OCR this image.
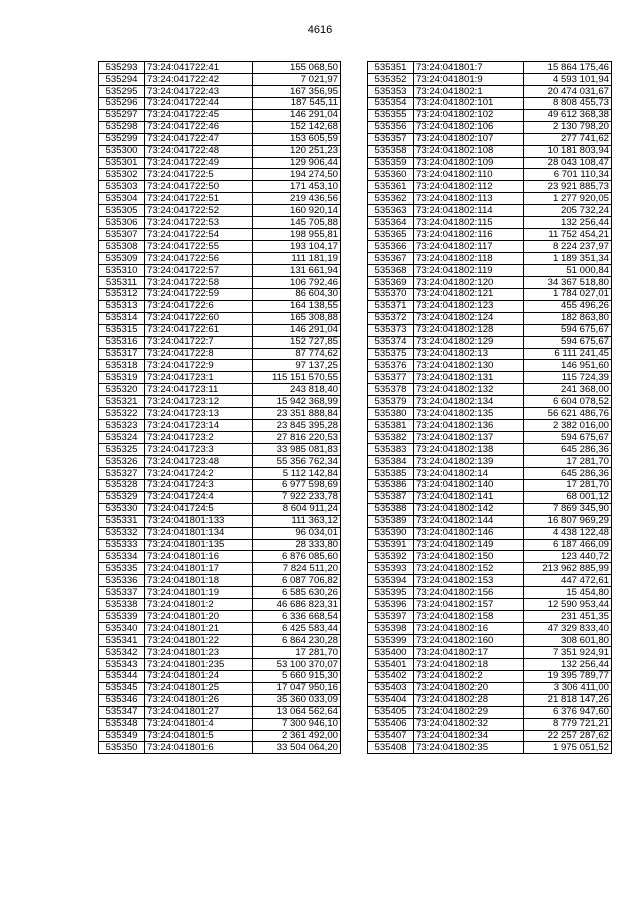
4616
535293	73:24:041722:41	155 068,50
535294	73:24:041722:42	7 021,97
535295	73:24:041722:43	167 356,95
535296	73:24:041722:44	187 545,11
535297	73:24:041722:45	146 291,04
535298	73:24:041722:46	152 142,68
535299	73:24:041722:47	153 605,59
535300	73:24:041722:48	120 251,23
535301	73:24:041722:49	129 906,44
535302	73:24:041722:5	194 274,50
535303	73:24:041722:50	171 453,10
535304	73:24:041722:51	219 436,56
535305	73:24:041722:52	160 920,14
535306	73:24:041722:53	145 705,88
535307	73:24:041722:54	198 955,81
535308	73:24:041722:55	193 104,17
535309	73:24:041722:56	111 181,19
535310	73:24:041722:57	131 661,94
535311	73:24:041722:58	106 792,46
535312	73:24:041722:59	86 604,30
535313	73:24:041722:6	164 138,55
535314	73:24:041722:60	165 308,88
535315	73:24:041722:61	146 291,04
535316	73:24:041722:7	152 727,85
535317	73:24:041722:8	87 774,62
535318	73:24:041722:9	97 137,25
535319	73:24:041723:1	115 151 570,55
535320	73:24:041723:11	243 818,40
535321	73:24:041723:12	15 942 368,99
535322	73:24:041723:13	23 351 888,84
535323	73:24:041723:14	23 845 395,28
535324	73:24:041723:2	27 816 220,53
535325	73:24:041723:3	33 985 081,83
535326	73:24:041723:48	55 356 762,34
535327	73:24:041724:2	5 112 142,84
535328	73:24:041724:3	6 977 598,69
535329	73:24:041724:4	7 922 233,78
535330	73:24:041724:5	8 604 911,24
535331	73:24:041801:133	111 363,12
535332	73:24:041801:134	96 034,01
535333	73:24:041801:135	28 333,80
535334	73:24:041801:16	6 876 085,60
535335	73:24:041801:17	7 824 511,20
535336	73:24:041801:18	6 087 706,82
535337	73:24:041801:19	6 585 630,26
535338	73:24:041801:2	46 686 823,31
535339	73:24:041801:20	6 336 668,54
535340	73:24:041801:21	6 425 583,44
535341	73:24:041801:22	6 864 230,28
535342	73:24:041801:23	17 281,70
535343	73:24:041801:235	53 100 370,07
535344	73:24:041801:24	5 660 915,30
535345	73:24:041801:25	17 047 950,16
535346	73:24:041801:26	35 360 033,09
535347	73:24:041801:27	13 064 562,64
535348	73:24:041801:4	7 300 946,10
535349	73:24:041801:5	2 361 492,00
535350	73:24:041801:6	33 504 064,20
535351	73:24:041801:7	15 864 175,46
535352	73:24:041801:9	4 593 101,94
535353	73:24:041802:1	20 474 031,67
535354	73:24:041802:101	8 808 455,73
535355	73:24:041802:102	49 612 368,38
535356	73:24:041802:106	2 130 798,20
535357	73:24:041802:107	277 741,62
535358	73:24:041802:108	10 181 803,94
535359	73:24:041802:109	28 043 108,47
535360	73:24:041802:110	6 701 110,34
535361	73:24:041802:112	23 921 885,73
535362	73:24:041802:113	1 277 920,05
535363	73:24:041802:114	205 732,24
535364	73:24:041802:115	132 256,44
535365	73:24:041802:116	11 752 454,21
535366	73:24:041802:117	8 224 237,97
535367	73:24:041802:118	1 189 351,34
535368	73:24:041802:119	51 000,84
535369	73:24:041802:120	34 367 518,80
535370	73:24:041802:121	1 784 027,01
535371	73:24:041802:123	455 496,26
535372	73:24:041802:124	182 863,80
535373	73:24:041802:128	594 675,67
535374	73:24:041802:129	594 675,67
535375	73:24:041802:13	6 111 241,45
535376	73:24:041802:130	146 951,60
535377	73:24:041802:131	115 724,39
535378	73:24:041802:132	241 368,00
535379	73:24:041802:134	6 604 078,52
535380	73:24:041802:135	56 621 486,76
535381	73:24:041802:136	2 382 016,00
535382	73:24:041802:137	594 675,67
535383	73:24:041802:138	645 286,36
535384	73:24:041802:139	17 281,70
535385	73:24:041802:14	645 286,36
535386	73:24:041802:140	17 281,70
535387	73:24:041802:141	68 001,12
535388	73:24:041802:142	7 869 345,90
535389	73:24:041802:144	16 807 969,29
535390	73:24:041802:146	4 438 122,48
535391	73:24:041802:149	6 187 466,09
535392	73:24:041802:150	123 440,72
535393	73:24:041802:152	213 962 885,99
535394	73:24:041802:153	447 472,61
535395	73:24:041802:156	15 454,80
535396	73:24:041802:157	12 590 953,44
535397	73:24:041802:158	231 451,35
535398	73:24:041802:16	47 329 833,40
535399	73:24:041802:160	308 601,80
535400	73:24:041802:17	7 351 924,91
535401	73:24:041802:18	132 256,44
535402	73:24:041802:2	19 395 789,77
535403	73:24:041802:20	3 306 411,00
535404	73:24:041802:28	21 818 147,26
535405	73:24:041802:29	6 376 947,60
535406	73:24:041802:32	8 779 721,21
535407	73:24:041802:34	22 257 287,62
535408	73:24:041802:35	1 975 051,52
